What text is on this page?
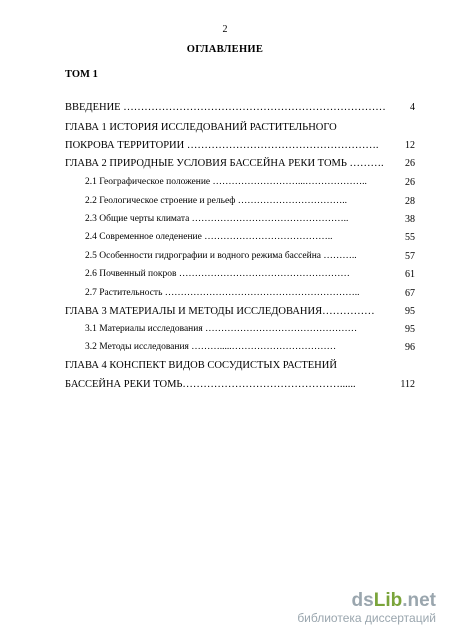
2
ОГЛАВЛЕНИЕ
ТОМ 1
ВВЕДЕНИЕ …………………………………………………………………	4
ГЛАВА 1 ИСТОРИЯ ИССЛЕДОВАНИЙ РАСТИТЕЛЬНОГО
ПОКРОВА ТЕРРИТОРИИ ……………………………………………….	12
ГЛАВА 2 ПРИРОДНЫЕ УСЛОВИЯ БАССЕЙНА РЕКИ ТОМЬ ……….	26
2.1 Географическое положение ………………………...………………..	26
2.2 Геологическое строение и рельеф ……………………………..	28
2.3 Общие черты климата …………………………………………..	38
2.4 Современное оледенение …………………………………..	55
2.5 Особенности гидрографии и водного режима бассейна ………..	57
2.6 Почвенный покров ………………………………………………	61
2.7 Растительность ……………………………………………………..	67
ГЛАВА 3 МАТЕРИАЛЫ И МЕТОДЫ ИССЛЕДОВАНИЯ……………	95
3.1 Материалы исследования …………………………………………	95
3.2 Методы исследования ……….....……………………………	96
ГЛАВА 4 КОНСПЕКТ ВИДОВ СОСУДИСТЫХ РАСТЕНИЙ
БАССЕЙНА РЕКИ ТОМЬ………………………………………......	112
dsLib.net
библиотека диссертаций
